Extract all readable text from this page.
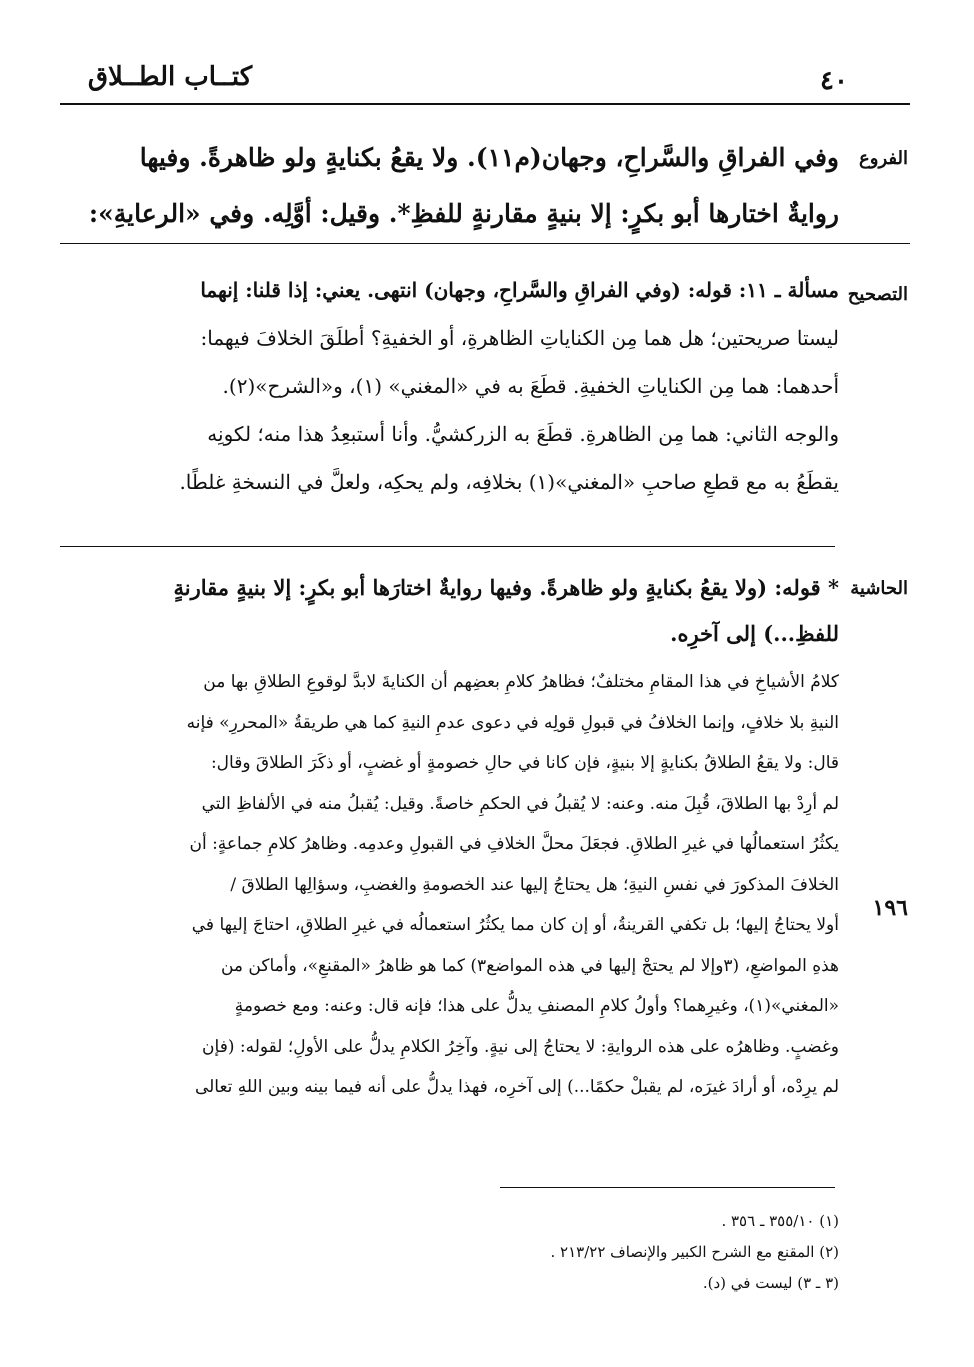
كتــاب الطــلاق	٤٠
الفروع
وفي الفراقِ والسَّراحِ، وجهان(م١١). ولا يقعُ بكنايةٍ ولو ظاهرةً. وفيها
روايةٌ اختارها أبو بكرٍ: إلا بنيةٍ مقارنةٍ للفظِ*. وقيل: أوَّلِه. وفي «الرعايةِ»:
التصحيح
مسألة ـ ١١: قوله: (وفي الفراقِ والسَّراحِ، وجهان) انتهى. يعني: إذا قلنا: إنهما
ليستا صريحتين؛ هل هما مِن الكناياتِ الظاهرةِ، أو الخفيةِ؟ أطلَقَ الخلافَ فيهما:
أحدهما: هما مِن الكناياتِ الخفيةِ. قطَعَ به في «المغني» (١)، و«الشرح»(٢).
والوجه الثاني: هما مِن الظاهرةِ. قطَعَ به الزركشيُّ. وأنا أستبعِدُ هذا منه؛ لكونِه
يقطَعُ به مع قطعِ صاحبِ «المغني»(١) بخلافِه، ولم يحكِه، ولعلَّ في النسخةِ غلطًا.
الحاشية
* قوله: (ولا يقعُ بكنايةٍ ولو ظاهرةً. وفيها روايةٌ اختارَها أبو بكرٍ: إلا بنيةٍ مقارنةٍ
للفظِ...) إلى آخرِه.
كلامُ الأشياخِ في هذا المقامِ مختلفٌ؛ فظاهرُ كلامِ بعضِهم أن الكنايةَ لابدَّ لوقوعِ الطلاقِ بها من
النيةِ بلا خلافٍ، وإنما الخلافُ في قبولِ قولِه في دعوى عدمِ النيةِ كما هي طريقةُ «المحررِ» فإنه
قال: ولا يقعُ الطلاقُ بكنايةٍ إلا بنيةٍ، فإن كانا في حالِ خصومةٍ أو غضبٍ، أو ذكَرَ الطلاقَ وقال:
لم أرِدْ بها الطلاقَ، قُبِلَ منه. وعنه: لا يُقبلُ في الحكمِ خاصةً. وقيل: يُقبلُ منه في الألفاظِ التي
يكثُرُ استعمالُها في غيرِ الطلاقِ. فجعَلَ محلَّ الخلافِ في القبولِ وعدمِه. وظاهرُ كلامِ جماعةٍ: أن
الخلافَ المذكورَ في نفسِ النيةِ؛ هل يحتاجُ إليها عند الخصومةِ والغضبِ، وسؤالِها الطلاقَ /
أولا يحتاجُ إليها؛ بل تكفي القرينةُ، أو إن كان مما يكثُرُ استعمالُه في غيرِ الطلاقِ، احتاجَ إليها في
هذهِ المواضعِ، (٣وإلا لم يحتجْ إليها في هذه المواضع٣) كما هو ظاهرُ «المقنعِ»، وأماكن من
«المغني»(١)، وغيرِهما؟ وأولُ كلامِ المصنفِ يدلُّ على هذا؛ فإنه قال: وعنه: ومع خصومةٍ
وغضبٍ. وظاهرُه على هذه الروايةِ: لا يحتاجُ إلى نيةٍ. وآخِرُ الكلامِ يدلُّ على الأولِ؛ لقوله: (فإن
لم يرِدْه، أو أرادَ غيرَه، لم يقبلْ حكمًا...) إلى آخرِه، فهذا يدلُّ على أنه فيما بينه وبين اللهِ تعالى
١٩٦
(١) ٣٥٥/١٠ ـ ٣٥٦ .
(٢) المقنع مع الشرح الكبير والإنصاف ٢١٣/٢٢ .
(٣ ـ ٣) ليست في (د).
